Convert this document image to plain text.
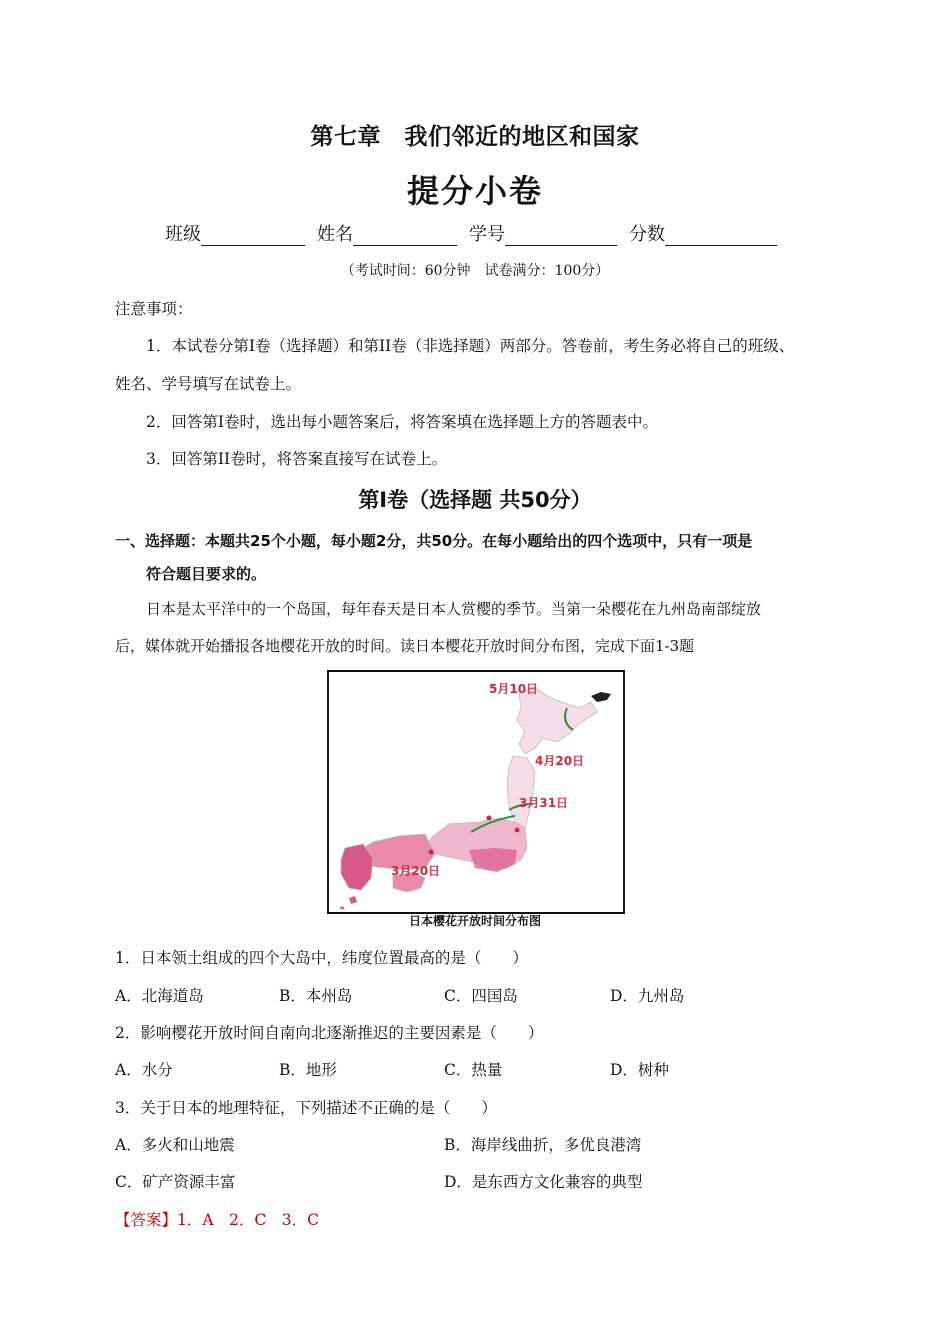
第七章　我们邻近的地区和国家
提分小卷
班级	姓名	学号	分数
（考试时间：60分钟　试卷满分：100分）
注意事项：
1．本试卷分第I卷（选择题）和第II卷（非选择题）两部分。答卷前，考生务必将自己的班级、
姓名、学号填写在试卷上。
2．回答第I卷时，选出每小题答案后，将答案填在选择题上方的答题表中。
3．回答第II卷时，将答案直接写在试卷上。
第I卷（选择题 共50分）
一、选择题：本题共25个小题，每小题2分，共50分。在每小题给出的四个选项中，只有一项是
符合题目要求的。
日本是太平洋中的一个岛国，每年春天是日本人赏樱的季节。当第一朵樱花在九州岛南部绽放
后，媒体就开始播报各地樱花开放的时间。读日本樱花开放时间分布图，完成下面1-3题
5月10日
4月20日
3月31日
3月20日
日本樱花开放时间分布图
1．日本领土组成的四个大岛中，纬度位置最高的是（　　）
A．北海道岛	B．本州岛	C．四国岛	D．九州岛
2．影响樱花开放时间自南向北逐渐推迟的主要因素是（　　）
A．水分	B．地形	C．热量	D．树种
3．关于日本的地理特征，下列描述不正确的是（　　）
A．多火和山地震	B．海岸线曲折，多优良港湾
C．矿产资源丰富	D．是东西方文化兼容的典型
【答案】1．A　2．C　3．C
